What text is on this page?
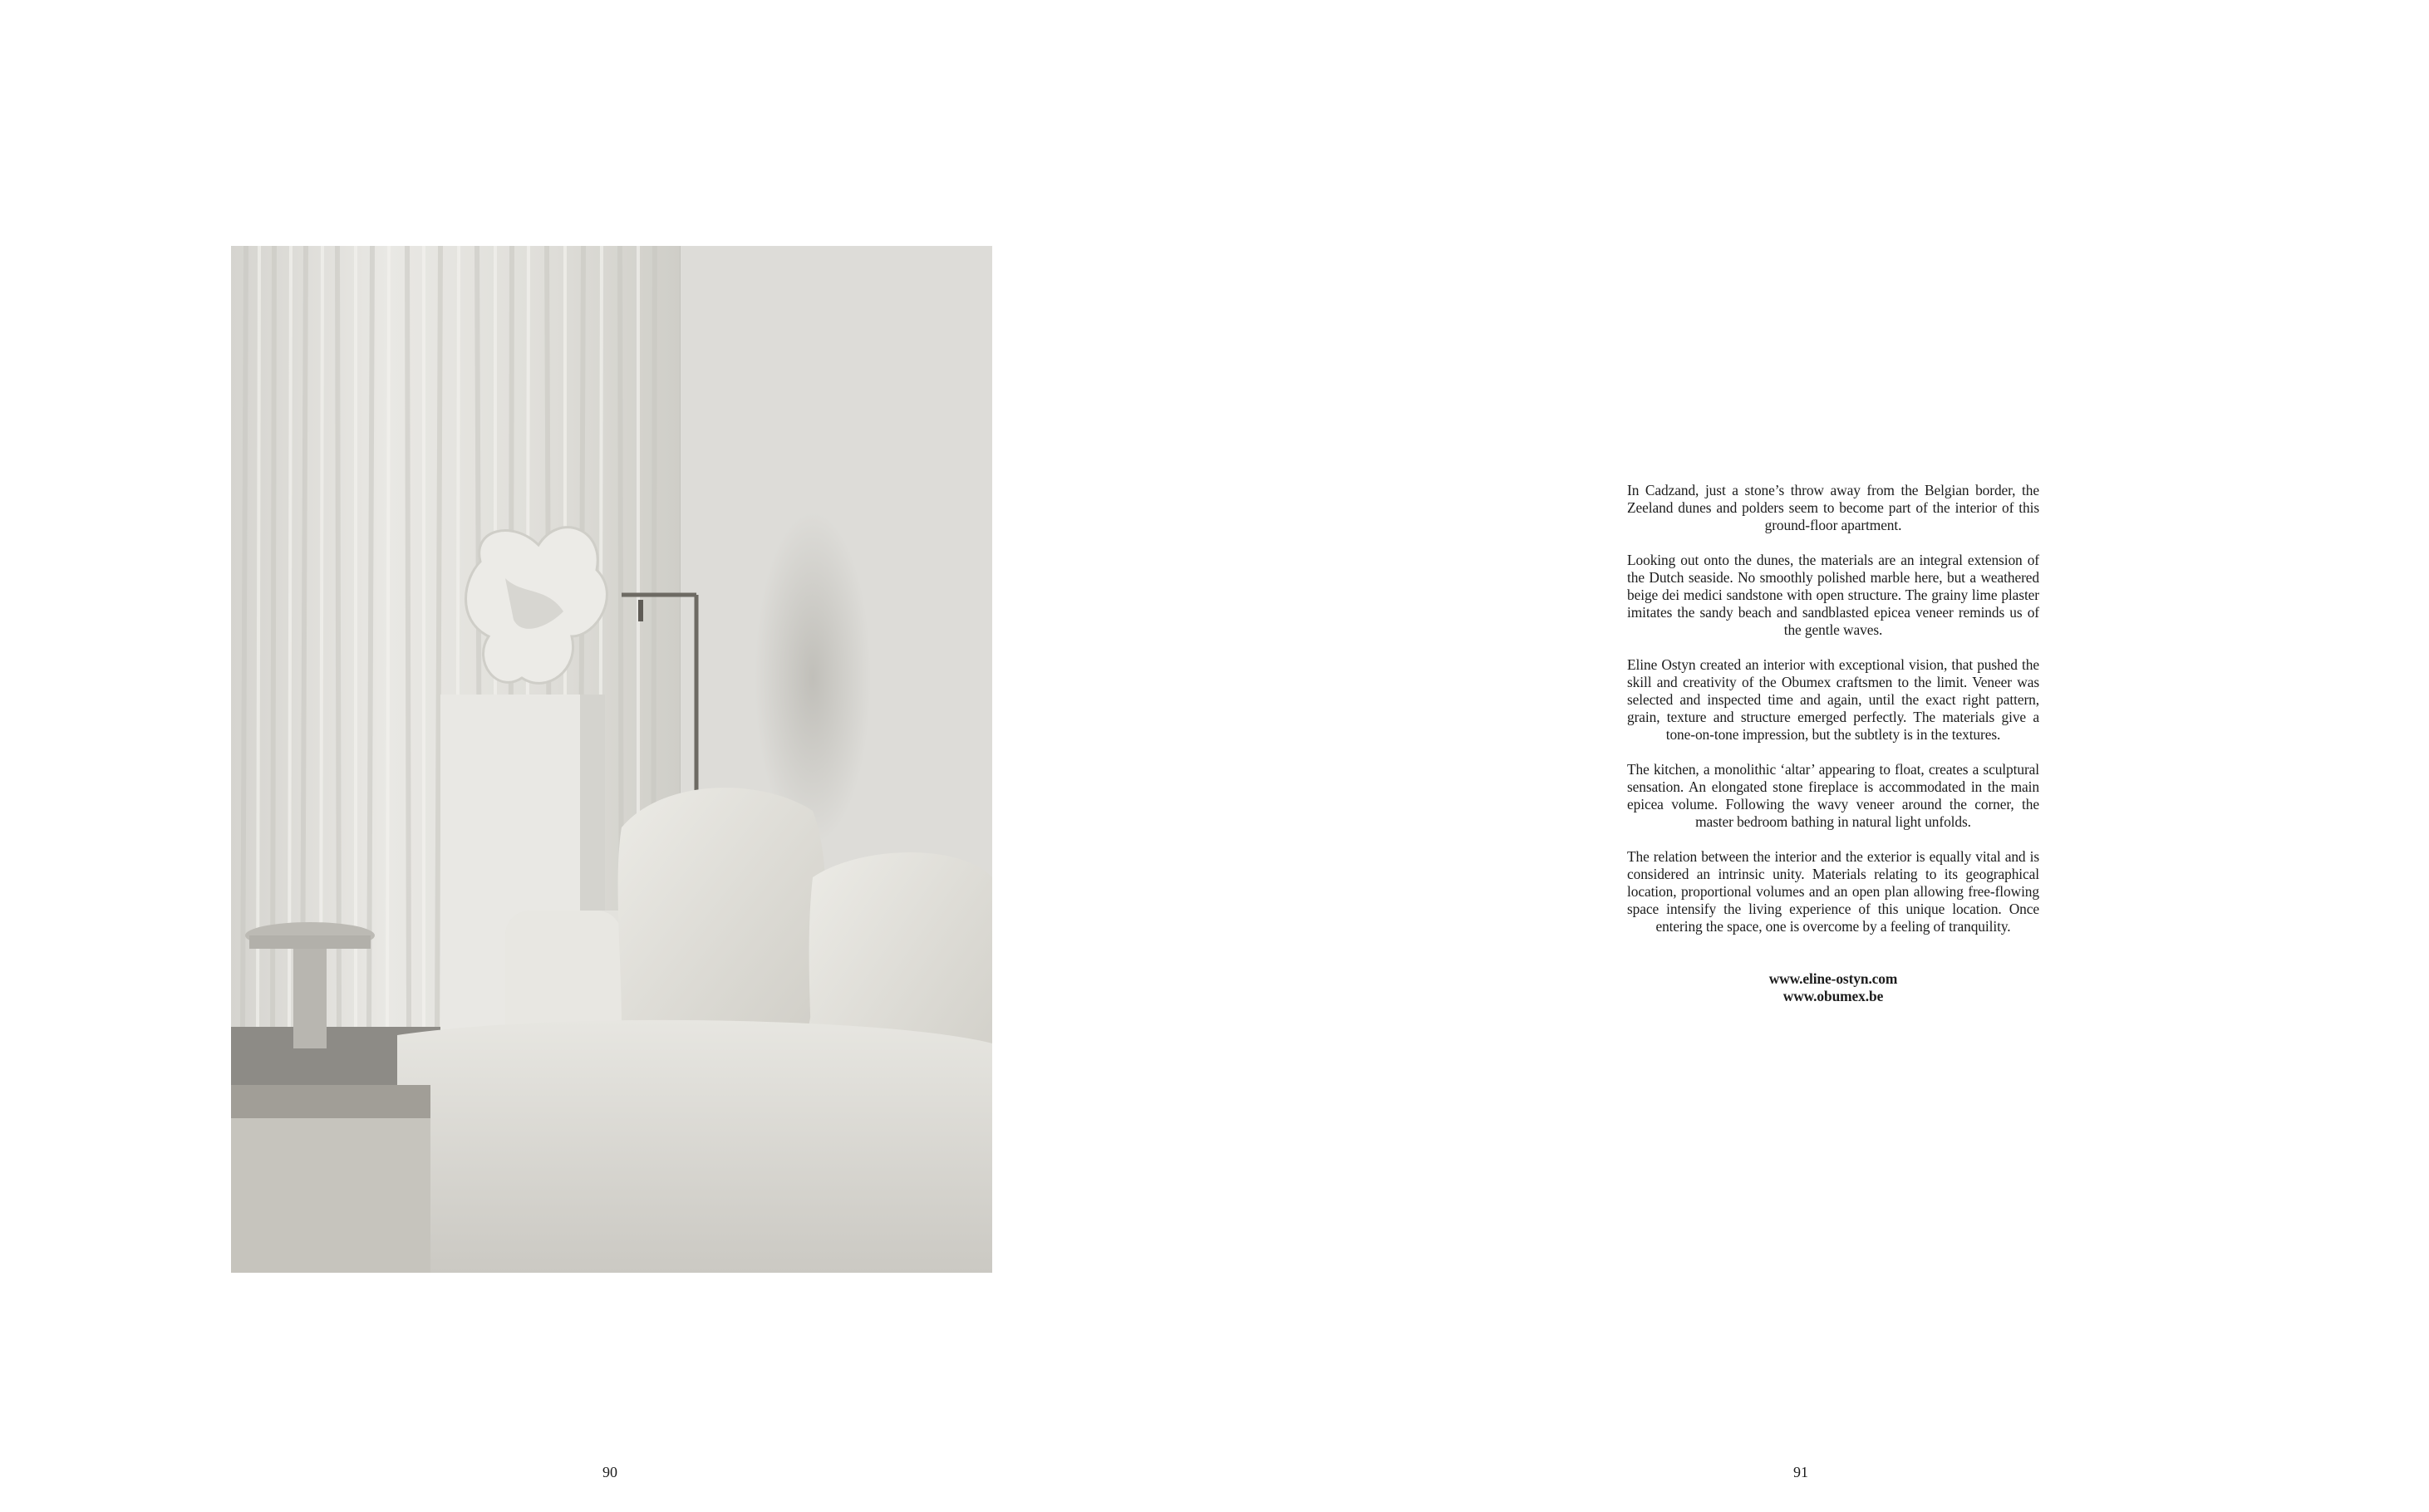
90

In Cadzand, just a stone’s throw away from the Belgian border, the Zeeland dunes and polders seem to become part of the interior of this ground-floor apartment.

Looking out onto the dunes, the materials are an integral extension of the Dutch seaside. No smoothly polished marble here, but a weathered beige dei medici sandstone with open structure. The grainy lime plaster imitates the sandy beach and sandblasted epicea veneer reminds us of the gentle waves.

Eline Ostyn created an interior with exceptional vision, that pushed the skill and creativity of the Obumex craftsmen to the limit. Veneer was selected and inspected time and again, until the exact right pattern, grain, texture and structure emerged perfectly. The materials give a tone-on-tone impression, but the subtlety is in the textures.

The kitchen, a monolithic ‘altar’ appearing to float, creates a sculptural sensation. An elongated stone fireplace is accommodated in the main epicea volume. Following the wavy veneer around the corner, the master bedroom bathing in natural light unfolds.

The relation between the interior and the exterior is equally vital and is considered an intrinsic unity. Materials relating to its geographical location, proportional volumes and an open plan allowing free-flowing space intensify the living experience of this unique location. Once entering the space, one is overcome by a feeling of tranquility.

www.eline-ostyn.com
www.obumex.be
91
